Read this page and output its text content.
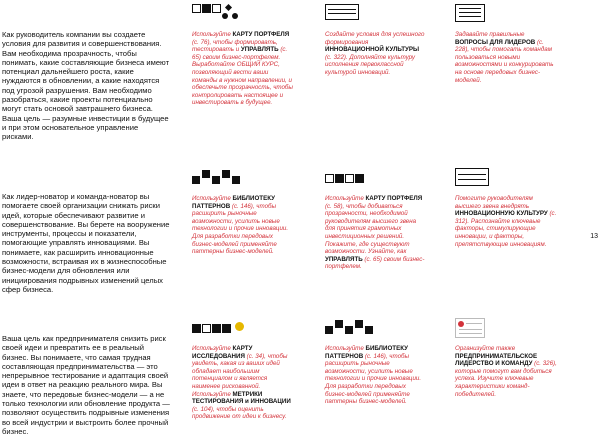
Как руководитель компании вы создаете условия для развития и совершенствования. Вам необходима прозрачность, чтобы понимать, какие составляющие бизнеса имеют потенциал дальнейшего роста, какие нуждаются в обновлении, а какие находятся под угрозой разрушения. Вам необходимо разобраться, какие проекты потенциально могут стать основой завтрашнего бизнеса. Ваша цель — разумные инвестиции в будущее и при этом основательное управление рисками.

Используйте КАРТУ ПОРТФЕЛЯ (с. 76), чтобы формировать, тестировать и УПРАВЛЯТЬ (с. 65) своим бизнес-портфелем. Выработайте ОБЩИЙ КУРС, позволяющий вести ваши команды в нужном направлении, и обеспечьте прозрачность, чтобы контролировать настоящее и инвестировать в будущее.

Создайте условия для успешного формирования ИННОВАЦИОННОЙ КУЛЬТУРЫ (с. 322). Дополняйте культуру исполнения первоклассной культурой инноваций.

Задавайте правильные ВОПРОСЫ ДЛЯ ЛИДЕРОВ (с. 228), чтобы помогать командам пользоваться новыми возможностями и конкурировать на основе передовых бизнес-моделей.

Как лидер-новатор и команда-новатор вы помогаете своей организации снижать риски идей, которые обеспечивают развитие и совершенствование. Вы берете на вооружение инструменты, процессы и показатели, помогающие управлять инновациями. Вы понимаете, как расширить инновационные возможности, встраивая их в жизнеспособные бизнес-модели для обновления или инициирования подрывных изменений целых сфер бизнеса.

Используйте БИБЛИОТЕКУ ПАТТЕРНОВ (с. 146), чтобы расширить рыночные возможности, усилить новые технологии и прочие инновации. Для разработки передовых бизнес-моделей применяйте паттерны бизнес-моделей.

Используйте КАРТУ ПОРТФЕЛЯ (с. 58), чтобы добиваться прозрачности, необходимой руководителям высшего звена для принятия грамотных инвестиционных решений. Покажите, где существуют возможности. Узнайте, как УПРАВЛЯТЬ (с. 65) своим бизнес-портфелем.

Помогите руководителям высшего звена внедрять ИННОВАЦИОННУЮ КУЛЬТУРУ (с. 312). Распознайте ключевые факторы, стимулирующие инновации, и факторы, препятствующие инновациям.

13
Ваша цель как предпринимателя снизить риск своей идеи и превратить ее в реальный бизнес. Вы понимаете, что самая трудная составляющая предпринимательства — это непрерывное тестирование и адаптация своей идеи в ответ на реакцию реального мира. Вы знаете, что передовые бизнес-модели — а не только технологии или обновление продукта — позволяют осуществить подрывные изменения во всей индустрии и выстроить более прочный бизнес.

Используйте КАРТУ ИССЛЕДОВАНИЯ (с. 34), чтобы увидеть, какая из ваших идей обладает наибольшим потенциалом и является наименее рискованной. Используйте МЕТРИКИ ТЕСТИРОВАНИЯ и ИННОВАЦИИ (с. 104), чтобы оценить продвижение от идеи к бизнесу.

Используйте БИБЛИОТЕКУ ПАТТЕРНОВ (с. 146), чтобы расширить рыночные возможности, усилить новые технологии и прочие инновации. Для разработки передовых бизнес-моделей применяйте паттерны бизнес-моделей.

Организуйте также ПРЕДПРИНИМАТЕЛЬСКОЕ ЛИДЕРСТВО И КОМАНДУ (с. 326), которые помогут вам добиться успеха. Изучите ключевые характеристики команд-победителей.
